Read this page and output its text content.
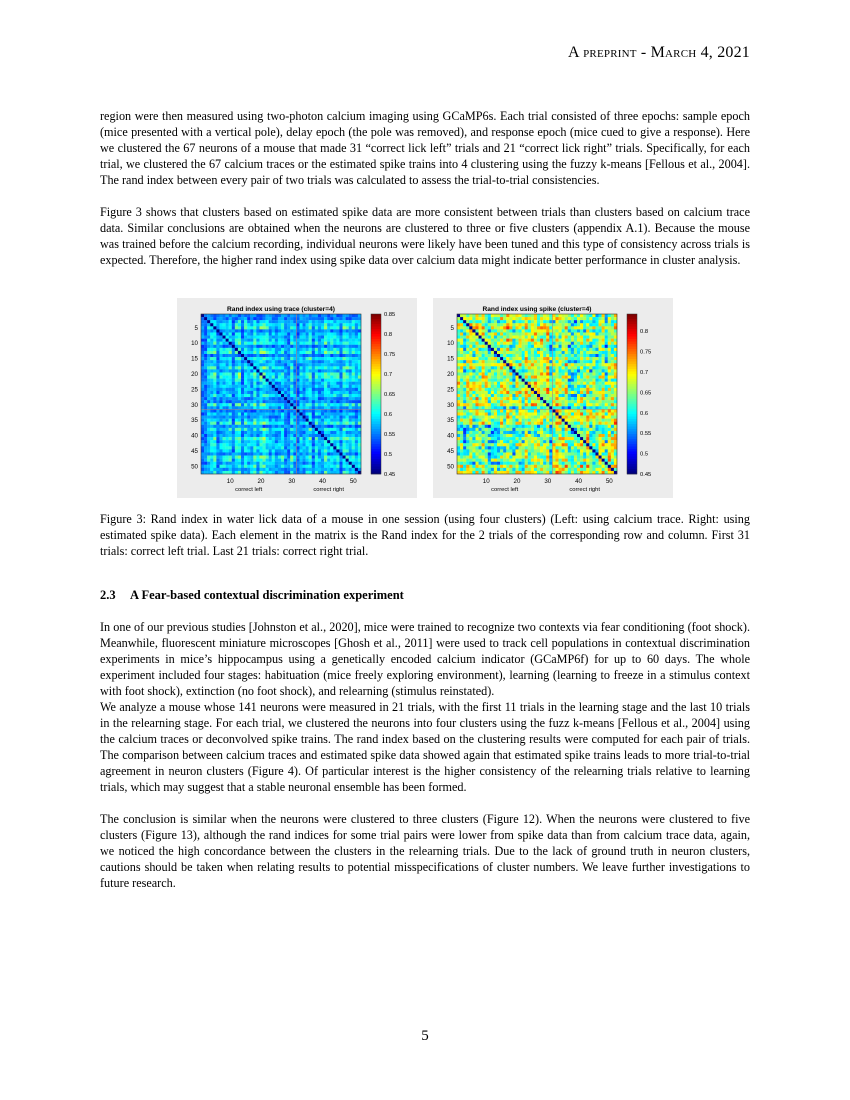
A preprint - March 4, 2021

region were then measured using two-photon calcium imaging using GCaMP6s. Each trial consisted of three epochs: sample epoch (mice presented with a vertical pole), delay epoch (the pole was removed), and response epoch (mice cued to give a response). Here we clustered the 67 neurons of a mouse that made 31 “correct lick left” trials and 21 “correct lick right” trials. Specifically, for each trial, we clustered the 67 calcium traces or the estimated spike trains into 4 clustering using the fuzzy k-means [Fellous et al., 2004]. The rand index between every pair of two trials was calculated to assess the trial-to-trial consistencies.

Figure 3 shows that clusters based on estimated spike data are more consistent between trials than clusters based on calcium trace data. Similar conclusions are obtained when the neurons are clustered to three or five clusters (appendix A.1). Because the mouse was trained before the calcium recording, individual neurons were likely have been tuned and this type of consistency across trials is expected. Therefore, the higher rand index using spike data over calcium data might indicate better performance in cluster analysis.

Rand index using trace (cluster=4)
5
10
15
20
25
30
35
40
45
50
10	20	30	40	50
correct left	correct right
0.85
0.8
0.75
0.7
0.65
0.6
0.55
0.5
0.45
Rand index using spike (cluster=4)
5
10
15
20
25
30
35
40
45
50
10	20	30	40	50
correct left	correct right
0.8
0.75
0.7
0.65
0.6
0.55
0.5
0.45

Figure 3: Rand index in water lick data of a mouse in one session (using four clusters) (Left: using calcium trace. Right: using estimated spike data). Each element in the matrix is the Rand index for the 2 trials of the corresponding row and column. First 31 trials: correct left trial. Last 21 trials: correct right trial.

2.3 A Fear-based contextual discrimination experiment

In one of our previous studies [Johnston et al., 2020], mice were trained to recognize two contexts via fear conditioning (foot shock). Meanwhile, fluorescent miniature microscopes [Ghosh et al., 2011] were used to track cell populations in contextual discrimination experiments in mice’s hippocampus using a genetically encoded calcium indicator (GCaMP6f) for up to 60 days. The whole experiment included four stages: habituation (mice freely exploring environment), learning (learning to freeze in a stimulus context with foot shock), extinction (no foot shock), and relearning (stimulus reinstated).

We analyze a mouse whose 141 neurons were measured in 21 trials, with the first 11 trials in the learning stage and the last 10 trials in the relearning stage. For each trial, we clustered the neurons into four clusters using the fuzz k-means [Fellous et al., 2004] using the calcium traces or deconvolved spike trains. The rand index based on the clustering results were computed for each pair of trials. The comparison between calcium traces and estimated spike data showed again that estimated spike trains leads to more trial-to-trial agreement in neuron clusters (Figure 4). Of particular interest is the higher consistency of the relearning trials relative to learning trials, which may suggest that a stable neuronal ensemble has been formed.

The conclusion is similar when the neurons were clustered to three clusters (Figure 12). When the neurons were clustered to five clusters (Figure 13), although the rand indices for some trial pairs were lower from spike data than from calcium trace data, again, we noticed the high concordance between the clusters in the relearning trials. Due to the lack of ground truth in neuron clusters, cautions should be taken when relating results to potential misspecifications of cluster numbers. We leave further investigations to future research.

5
